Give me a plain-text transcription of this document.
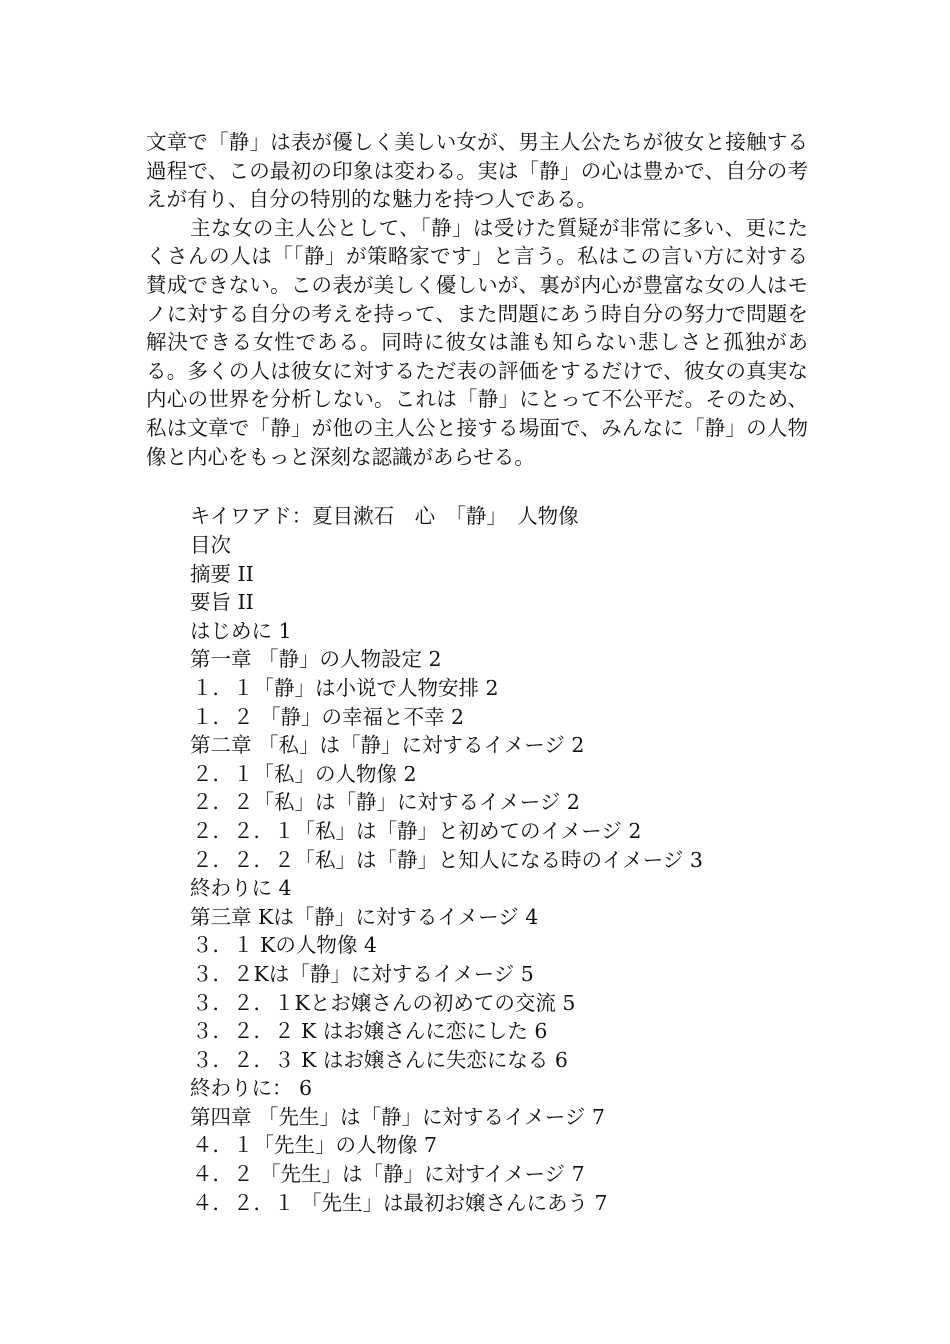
文章で「静」は表が優しく美しい女が、男主人公たちが彼女と接触する過程で、この最初の印象は変わる。実は「静」の心は豊かで、自分の考えが有り、自分の特別的な魅力を持つ人である。

主な女の主人公として、「静」は受けた質疑が非常に多い、更にたくさんの人は「「静」が策略家です」と言う。私はこの言い方に対する賛成できない。この表が美しく優しいが、裏が内心が豊富な女の人はモノに対する自分の考えを持って、また問題にあう時自分の努力で問題を解決できる女性である。同時に彼女は誰も知らない悲しさと孤独がある。多くの人は彼女に対するただ表の評価をするだけで、彼女の真実な内心の世界を分析しない。これは「静」にとって不公平だ。そのため、私は文章で「静」が他の主人公と接する場面で、みんなに「静」の人物像と内心をもっと深刻な認識があらせる。

キイワアド：夏目漱石　心　「静」　人物像
目次
摘要 II
要旨 II
はじめに 1
第一章 「静」の人物設定 2
１．１「静」は小说で人物安排 2
１．２ 「静」の幸福と不幸 2
第二章 「私」は「静」に対するイメージ 2
２．１「私」の人物像 2
２．２「私」は「静」に対するイメージ 2
２．２．１「私」は「静」と初めてのイメージ 2
２．２．２「私」は「静」と知人になる時のイメージ 3
終わりに 4
第三章 Kは「静」に対するイメージ 4
３．１ Kの人物像 4
３．２Kは「静」に対するイメージ 5
３．２．１Kとお嬢さんの初めての交流 5
３．２．２ K はお嬢さんに恋にした 6
３．２．３ K はお嬢さんに失恋になる 6
終わりに： 6
第四章 「先生」は「静」に対するイメージ 7
４．１「先生」の人物像 7
４．２ 「先生」は「静」に対すイメージ 7
４．２．１ 「先生」は最初お嬢さんにあう 7
